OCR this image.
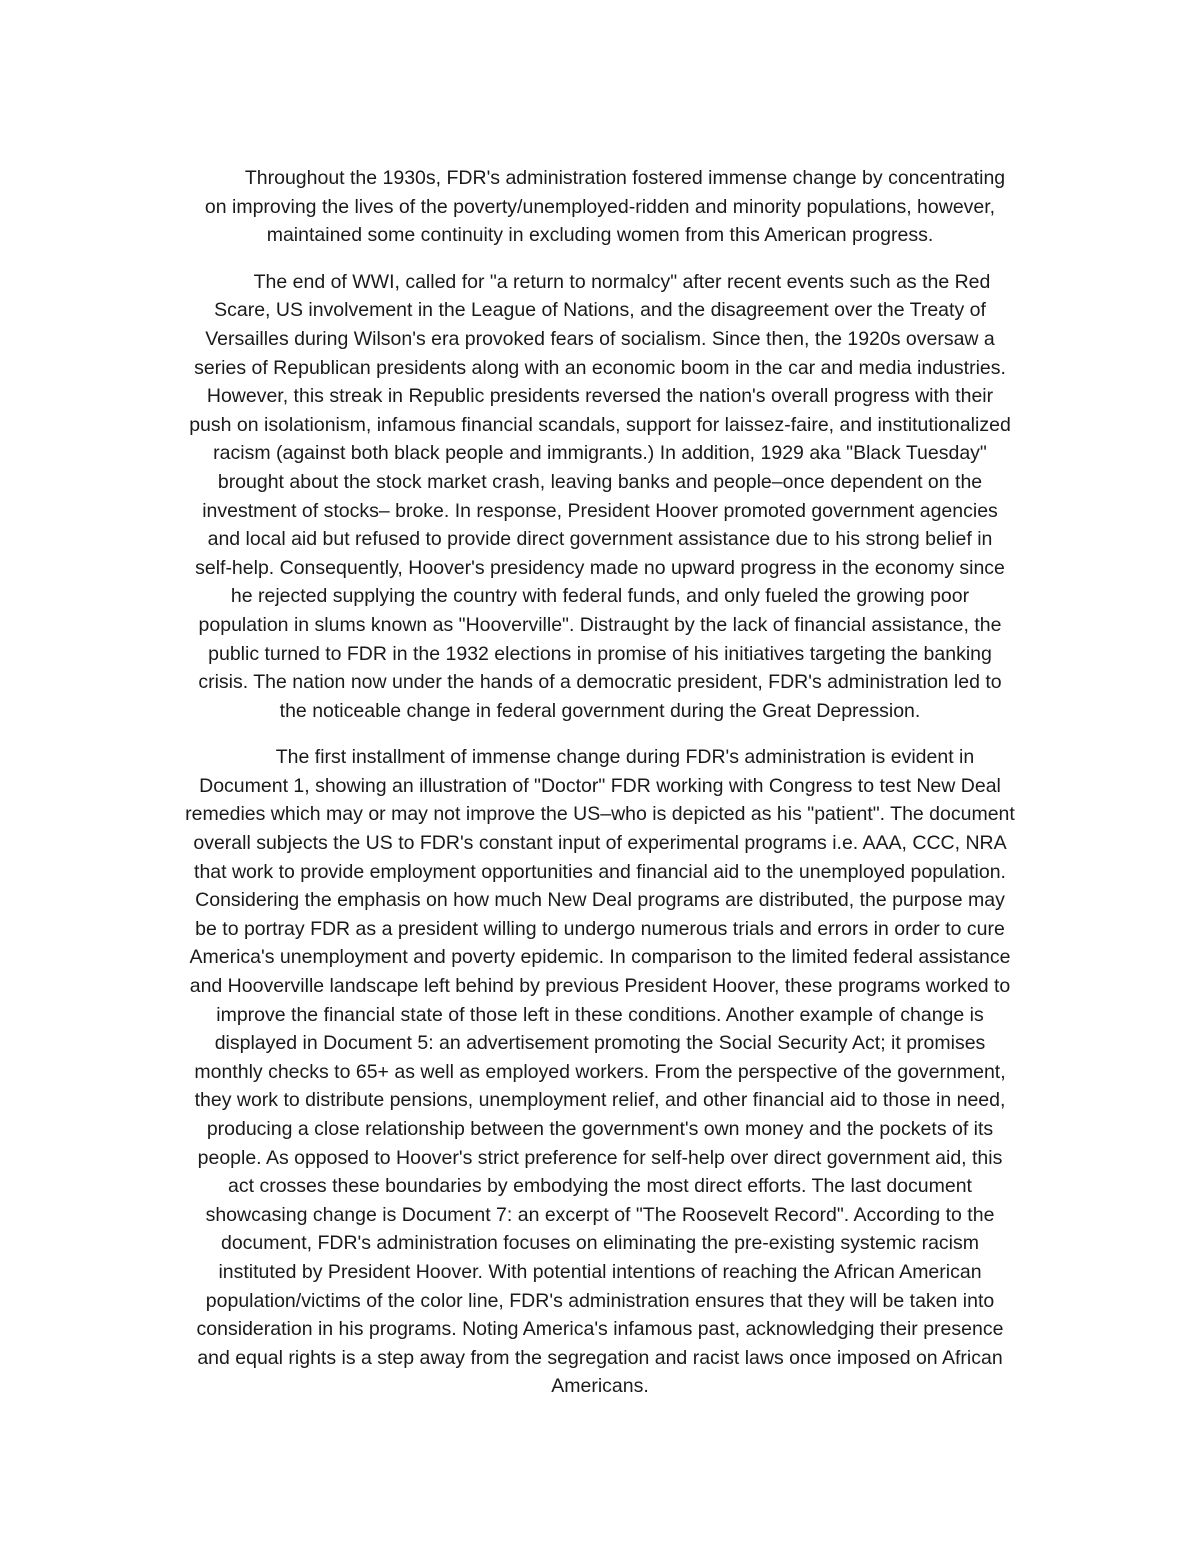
Throughout the 1930s, FDR's administration fostered immense change by concentrating
on improving the lives of the poverty/unemployed-ridden and minority populations, however,
maintained some continuity in excluding women from this American progress.
The end of WWI, called for "a return to normalcy" after recent events such as the Red
Scare, US involvement in the League of Nations, and the disagreement over the Treaty of
Versailles during Wilson's era provoked fears of socialism. Since then, the 1920s oversaw a
series of Republican presidents along with an economic boom in the car and media industries.
However, this streak in Republic presidents reversed the nation's overall progress with their
push on isolationism, infamous financial scandals, support for laissez-faire, and institutionalized
racism (against both black people and immigrants.) In addition, 1929 aka "Black Tuesday"
brought about the stock market crash, leaving banks and people–once dependent on the
investment of stocks– broke. In response, President Hoover promoted government agencies
and local aid but refused to provide direct government assistance due to his strong belief in
self-help. Consequently, Hoover's presidency made no upward progress in the economy since
he rejected supplying the country with federal funds, and only fueled the growing poor
population in slums known as "Hooverville". Distraught by the lack of financial assistance, the
public turned to FDR in the 1932 elections in promise of his initiatives targeting the banking
crisis. The nation now under the hands of a democratic president, FDR's administration led to
the noticeable change in federal government during the Great Depression.
The first installment of immense change during FDR's administration is evident in
Document 1, showing an illustration of "Doctor" FDR working with Congress to test New Deal
remedies which may or may not improve the US–who is depicted as his "patient". The document
overall subjects the US to FDR's constant input of experimental programs i.e. AAA, CCC, NRA
that work to provide employment opportunities and financial aid to the unemployed population.
Considering the emphasis on how much New Deal programs are distributed, the purpose may
be to portray FDR as a president willing to undergo numerous trials and errors in order to cure
America's unemployment and poverty epidemic. In comparison to the limited federal assistance
and Hooverville landscape left behind by previous President Hoover, these programs worked to
improve the financial state of those left in these conditions. Another example of change is
displayed in Document 5: an advertisement promoting the Social Security Act; it promises
monthly checks to 65+ as well as employed workers. From the perspective of the government,
they work to distribute pensions, unemployment relief, and other financial aid to those in need,
producing a close relationship between the government's own money and the pockets of its
people. As opposed to Hoover's strict preference for self-help over direct government aid, this
act crosses these boundaries by embodying the most direct efforts. The last document
showcasing change is Document 7: an excerpt of "The Roosevelt Record". According to the
document, FDR's administration focuses on eliminating the pre-existing systemic racism
instituted by President Hoover. With potential intentions of reaching the African American
population/victims of the color line, FDR's administration ensures that they will be taken into
consideration in his programs. Noting America's infamous past, acknowledging their presence
and equal rights is a step away from the segregation and racist laws once imposed on African
Americans.
